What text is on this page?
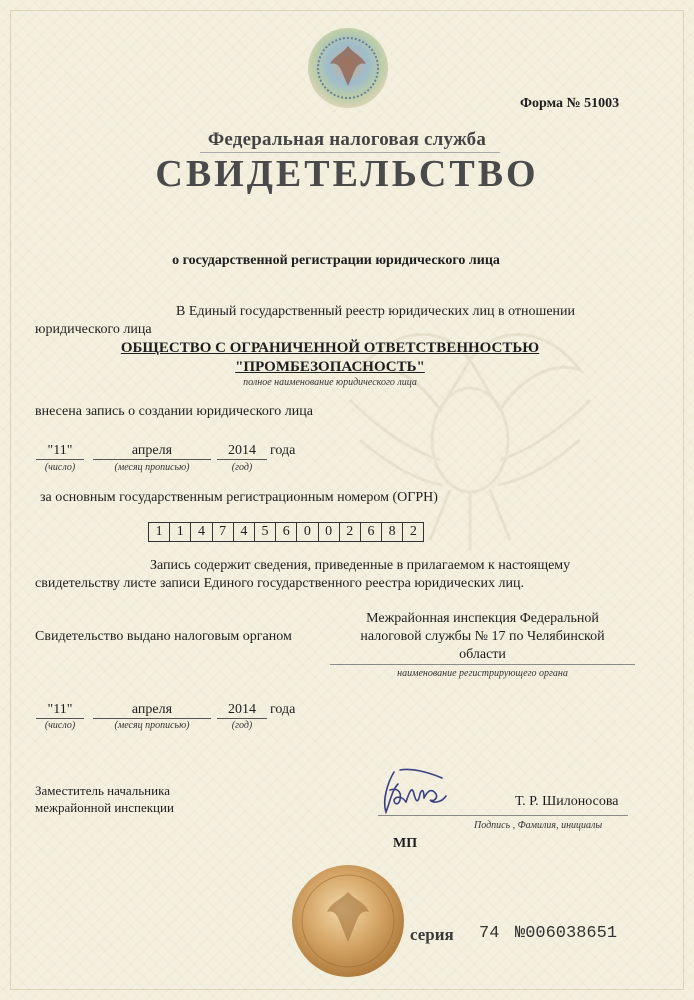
Форма № 51003
Федеральная налоговая служба
СВИДЕТЕЛЬСТВО
о государственной регистрации юридического лица
В Единый государственный реестр юридических лиц в отношении
юридического лица
ОБЩЕСТВО С ОГРАНИЧЕННОЙ ОТВЕТСТВЕННОСТЬЮ
"ПРОМБЕЗОПАСНОСТЬ"
полное наименование юридического лица
внесена запись о создании юридического лица
"11"	апреля	2014	года
(число)	(месяц прописью)	(год)
за основным государственным регистрационным номером (ОГРН)
1	1	4	7	4	5	6	0	0	2	6	8	2
Запись содержит сведения, приведенные в прилагаемом к настоящему
свидетельству листе записи Единого государственного реестра юридических лиц.
Свидетельство выдано налоговым органом
Межрайонная инспекция Федеральной
налоговой службы № 17 по Челябинской
области
наименование регистрирующего органа
"11"	апреля	2014	года
(число)	(месяц прописью)	(год)
Заместитель начальника
межрайонной инспекции	Т. Р. Шилоносова
Подпись , Фамилия, инициалы
МП
серия 74 №006038651
